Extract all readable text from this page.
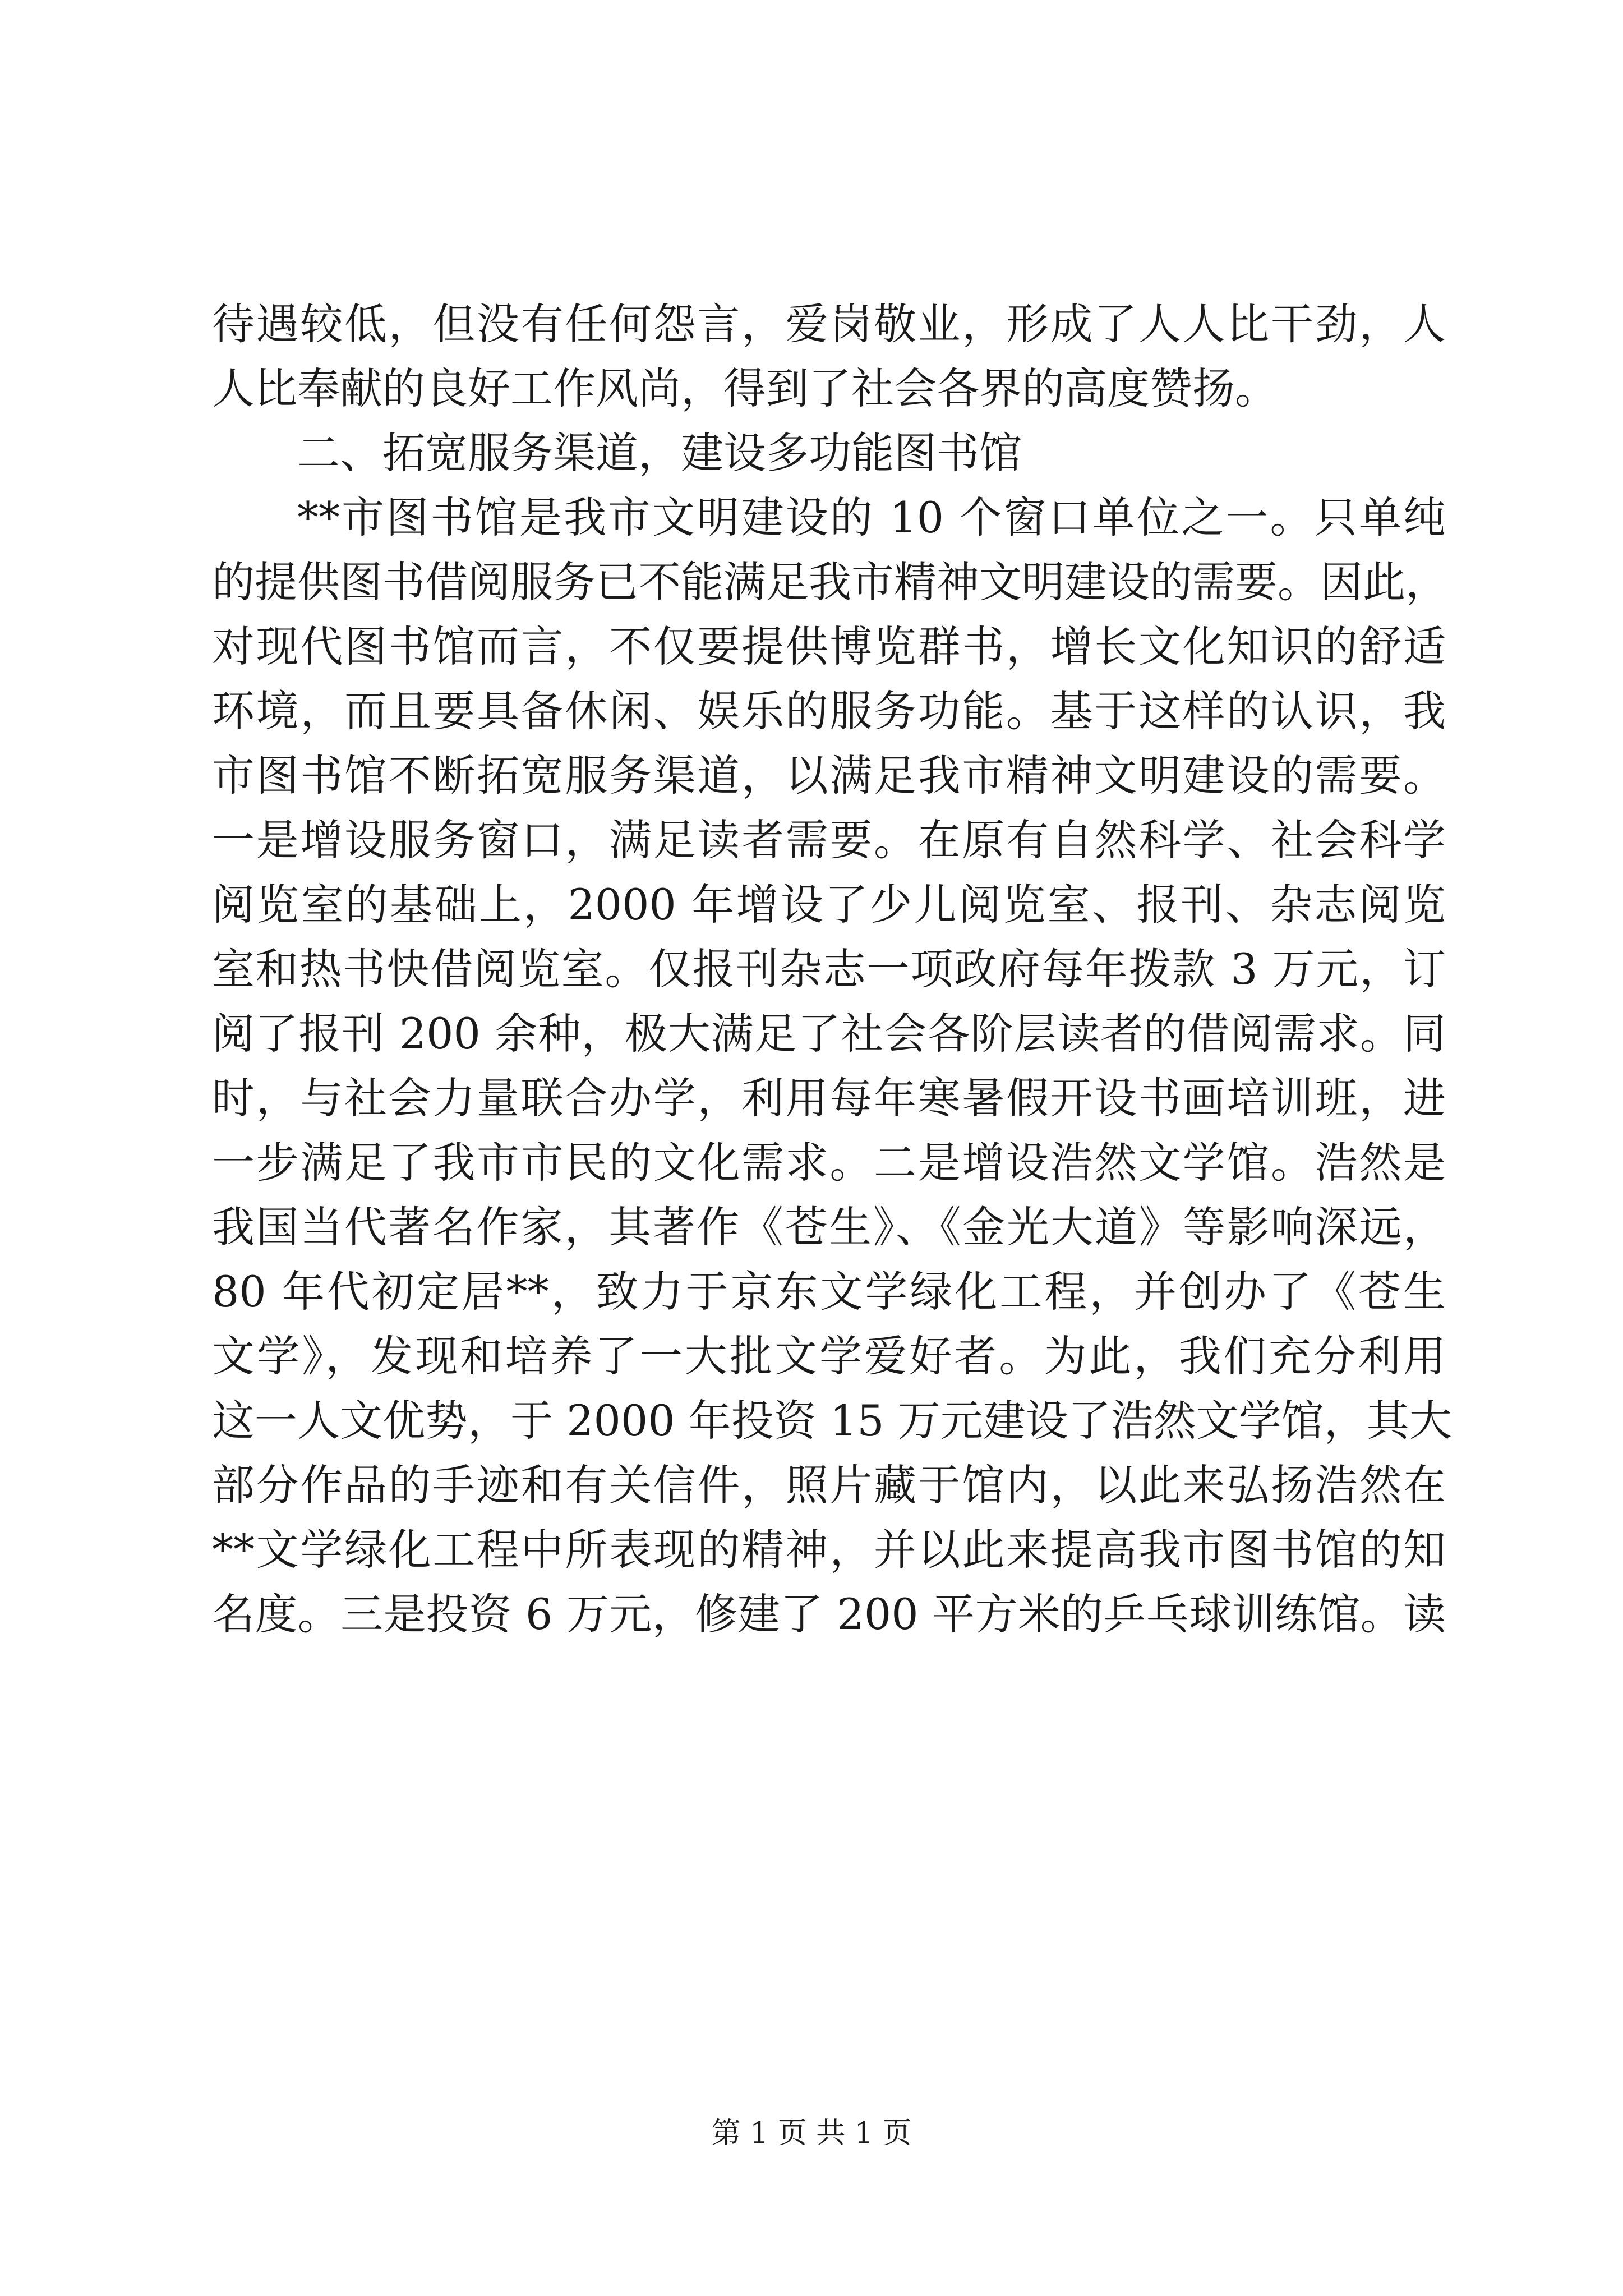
待遇较低，但没有任何怨言，爱岗敬业，形成了人人比干劲，人
人比奉献的良好工作风尚，得到了社会各界的高度赞扬。
二、拓宽服务渠道，建设多功能图书馆
**市图书馆是我市文明建设的 10 个窗口单位之一。只单纯
的提供图书借阅服务已不能满足我市精神文明建设的需要。因此，
对现代图书馆而言，不仅要提供博览群书，增长文化知识的舒适
环境，而且要具备休闲、娱乐的服务功能。基于这样的认识，我
市图书馆不断拓宽服务渠道，以满足我市精神文明建设的需要。
一是增设服务窗口，满足读者需要。在原有自然科学、社会科学
阅览室的基础上，2000 年增设了少儿阅览室、报刊、杂志阅览
室和热书快借阅览室。仅报刊杂志一项政府每年拨款 3 万元，订
阅了报刊 200 余种，极大满足了社会各阶层读者的借阅需求。同
时，与社会力量联合办学，利用每年寒暑假开设书画培训班，进
一步满足了我市市民的文化需求。二是增设浩然文学馆。浩然是
我国当代著名作家，其著作《苍生》、《金光大道》等影响深远，
80 年代初定居**，致力于京东文学绿化工程，并创办了《苍生
文学》，发现和培养了一大批文学爱好者。为此，我们充分利用
这一人文优势，于 2000 年投资 15 万元建设了浩然文学馆，其大
部分作品的手迹和有关信件，照片藏于馆内，以此来弘扬浩然在
**文学绿化工程中所表现的精神，并以此来提高我市图书馆的知
名度。三是投资 6 万元，修建了 200 平方米的乒乓球训练馆。读
第 1 页 共 1 页
